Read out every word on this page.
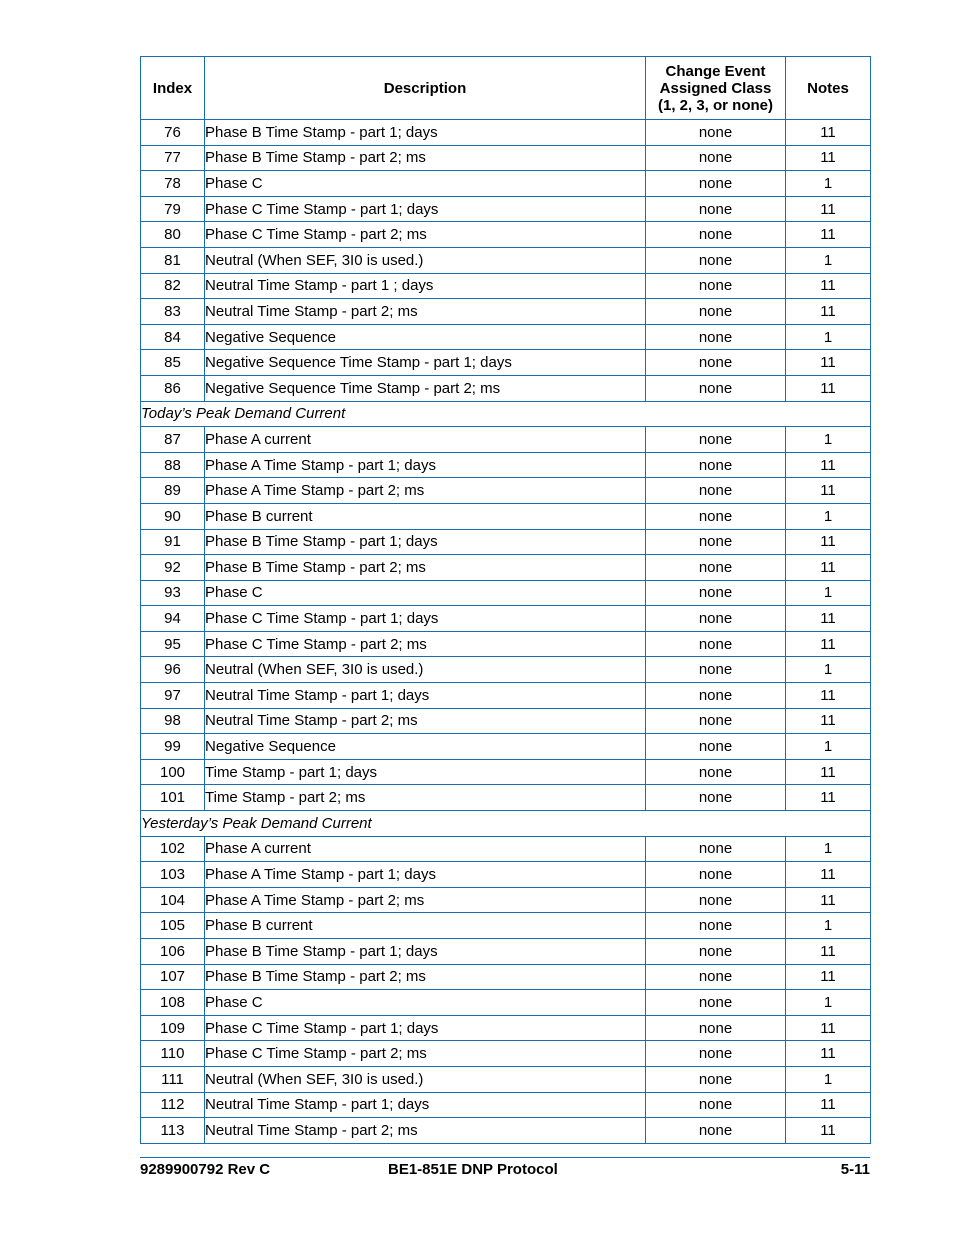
Index	Description	Change Event
Assigned Class
(1, 2, 3, or none)	Notes
76	Phase B Time Stamp - part 1; days	none	11
77	Phase B Time Stamp - part 2; ms	none	11
78	Phase C	none	1
79	Phase C Time Stamp - part 1; days	none	11
80	Phase C Time Stamp - part 2; ms	none	11
81	Neutral (When SEF, 3I0 is used.)	none	1
82	Neutral Time Stamp - part 1 ; days	none	11
83	Neutral Time Stamp - part 2; ms	none	11
84	Negative Sequence	none	1
85	Negative Sequence Time Stamp - part 1; days	none	11
86	Negative Sequence Time Stamp - part 2; ms	none	11
Today’s Peak Demand Current			
87	Phase A current	none	1
88	Phase A Time Stamp - part 1; days	none	11
89	Phase A Time Stamp - part 2; ms	none	11
90	Phase B current	none	1
91	Phase B Time Stamp - part 1; days	none	11
92	Phase B Time Stamp - part 2; ms	none	11
93	Phase C	none	1
94	Phase C Time Stamp - part 1; days	none	11
95	Phase C Time Stamp - part 2; ms	none	11
96	Neutral (When SEF, 3I0 is used.)	none	1
97	Neutral Time Stamp - part 1; days	none	11
98	Neutral Time Stamp - part 2; ms	none	11
99	Negative Sequence	none	1
100	Time Stamp - part 1; days	none	11
101	Time Stamp - part 2; ms	none	11
Yesterday’s Peak Demand Current			
102	Phase A current	none	1
103	Phase A Time Stamp - part 1; days	none	11
104	Phase A Time Stamp - part 2; ms	none	11
105	Phase B current	none	1
106	Phase B Time Stamp - part 1; days	none	11
107	Phase B Time Stamp - part 2; ms	none	11
108	Phase C	none	1
109	Phase C Time Stamp - part 1; days	none	11
110	Phase C Time Stamp - part 2; ms	none	11
111	Neutral (When SEF, 3I0 is used.)	none	1
112	Neutral Time Stamp - part 1; days	none	11
113	Neutral Time Stamp - part 2; ms	none	11
9289900792 Rev C	BE1-851E DNP Protocol	5-11
